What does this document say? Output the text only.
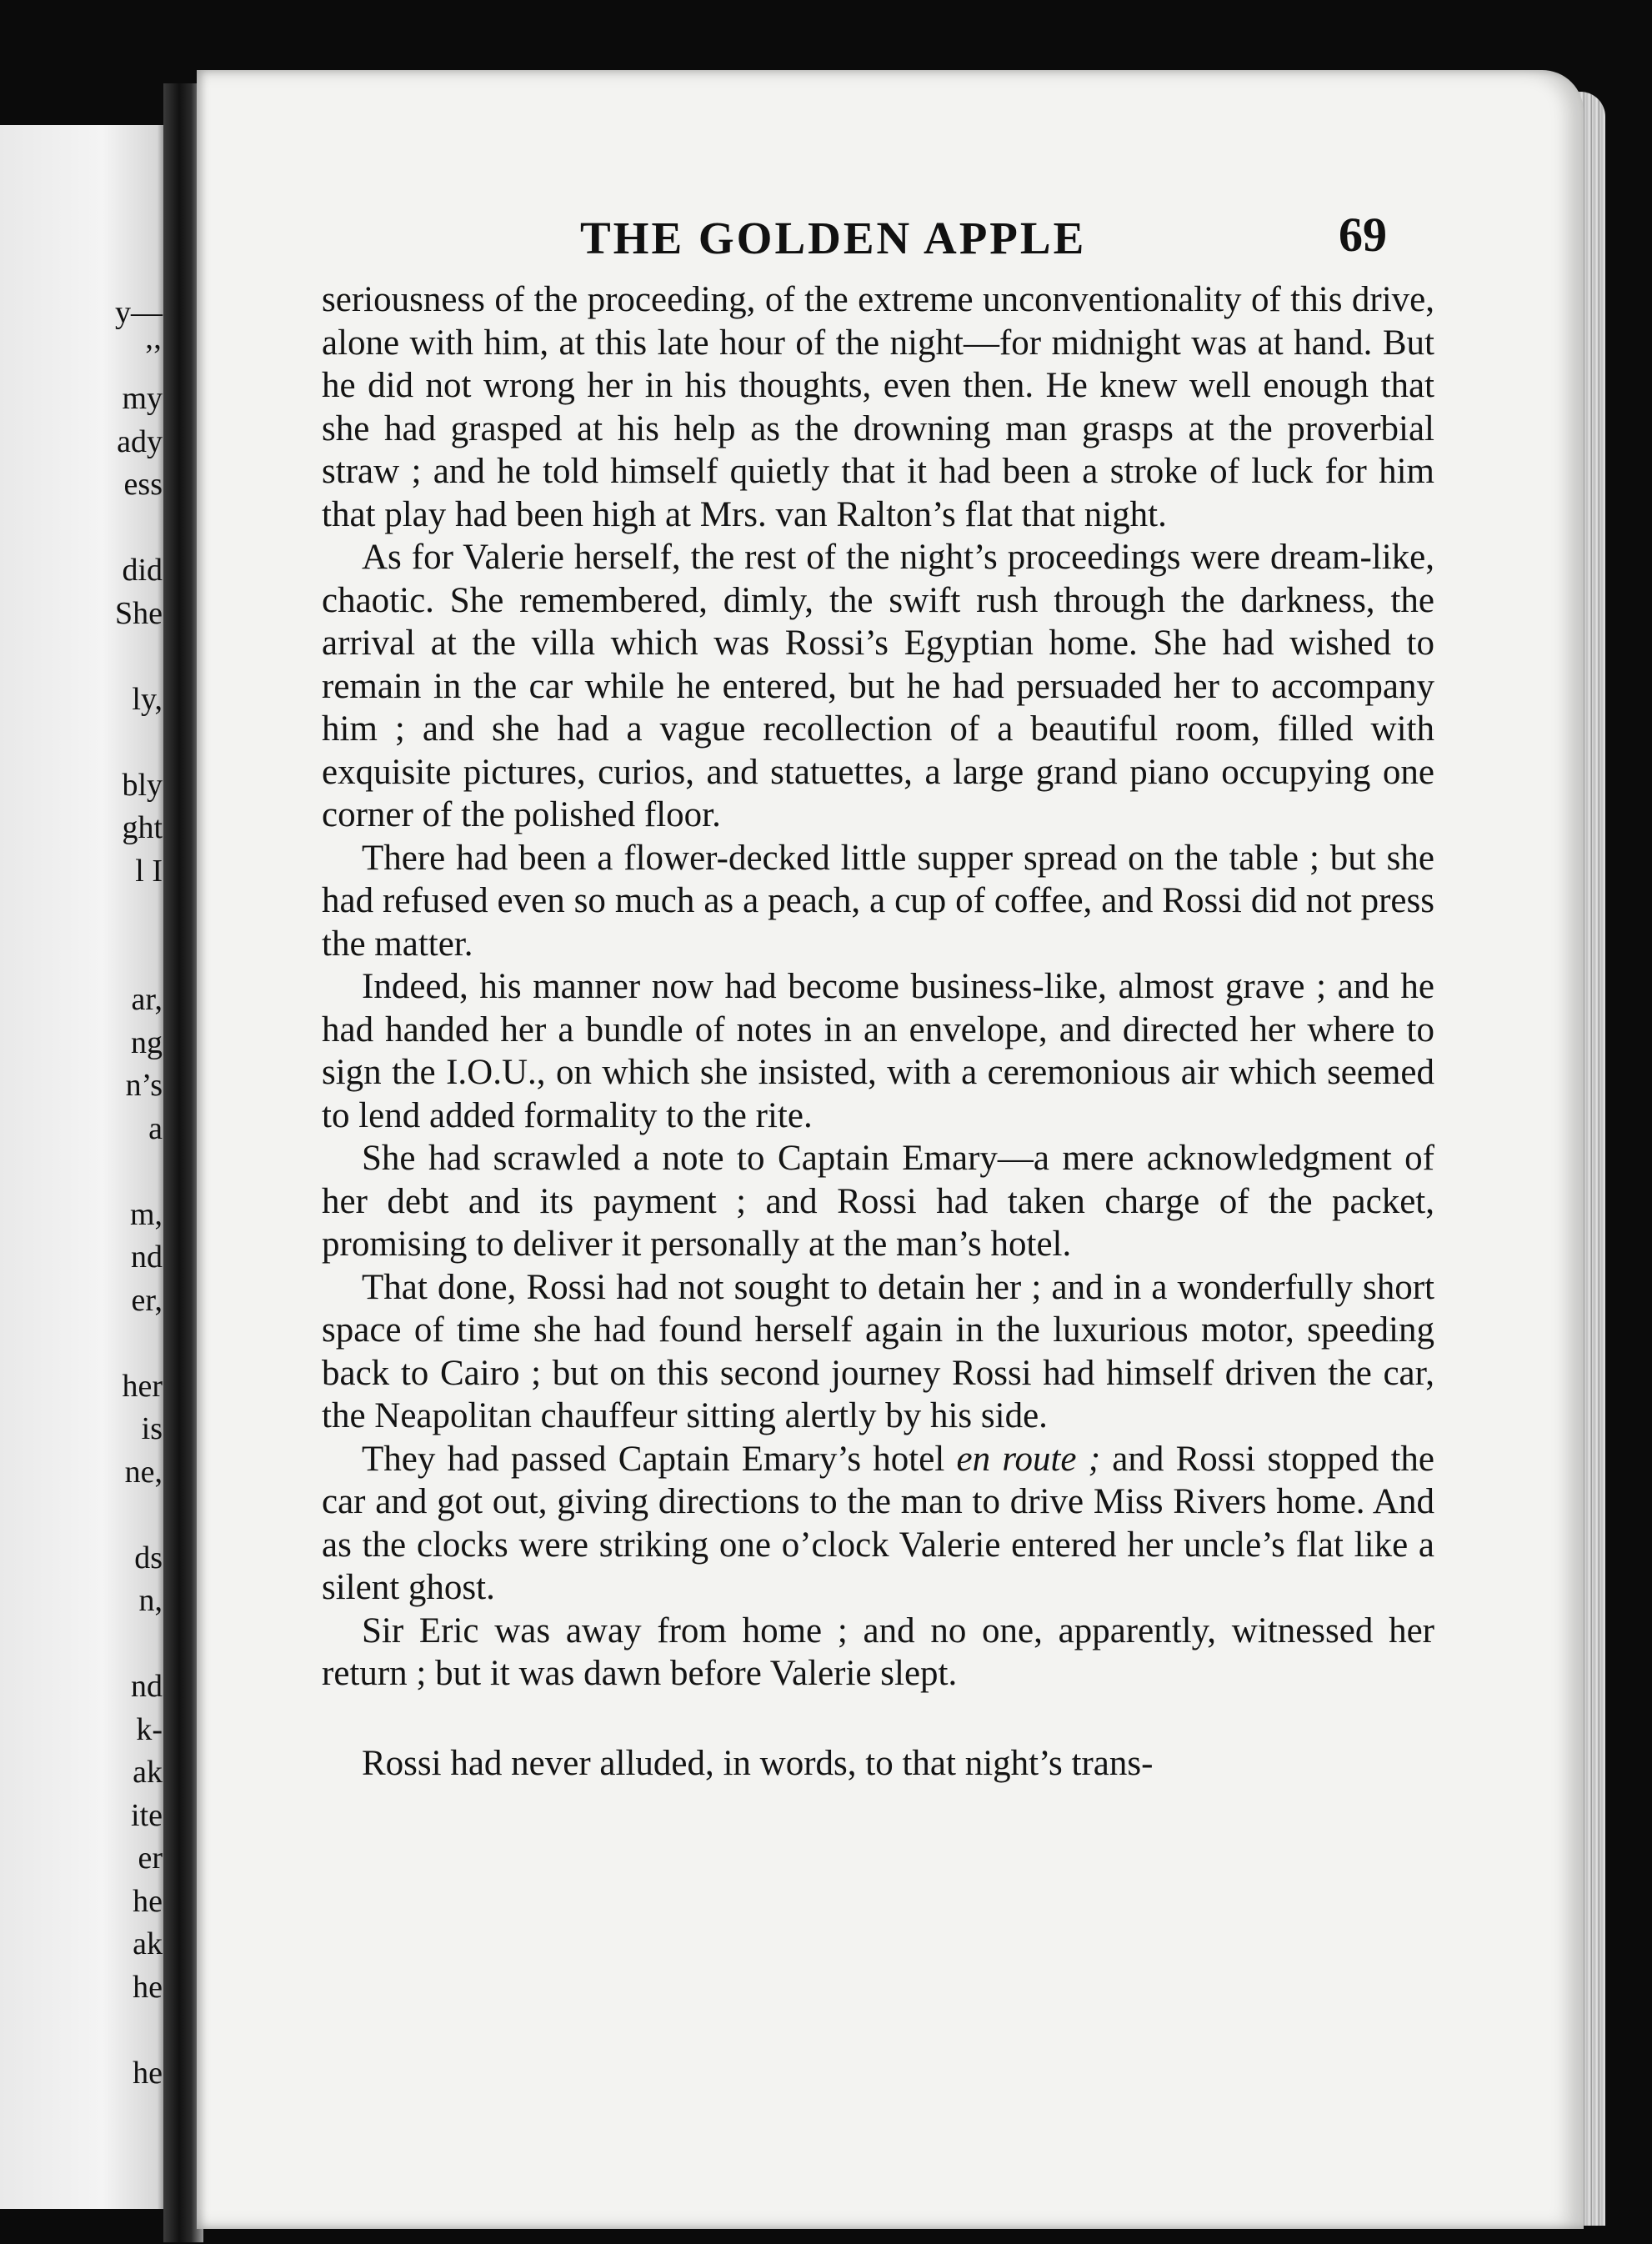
y—
’’
my
ady
ess
did
She
ly,
bly
ght
l I
ar,
ng
n’s
a
m,
nd
er,
her
is
ne,
ds
n,
nd
k-
ak
ite
er
he
ak
he
he
THE GOLDEN APPLE	69

seriousness of the proceeding, of the extreme unconventionality of this drive, alone with him, at this late hour of the night—for midnight was at hand. But he did not wrong her in his thoughts, even then. He knew well enough that she had grasped at his help as the drowning man grasps at the proverbial straw ; and he told himself quietly that it had been a stroke of luck for him that play had been high at Mrs. van Ralton’s flat that night.

As for Valerie herself, the rest of the night’s proceedings were dream-like, chaotic. She remembered, dimly, the swift rush through the darkness, the arrival at the villa which was Rossi’s Egyptian home. She had wished to remain in the car while he entered, but he had persuaded her to accompany him ; and she had a vague recollection of a beautiful room, filled with exquisite pictures, curios, and statuettes, a large grand piano occupying one corner of the polished floor.

There had been a flower-decked little supper spread on the table ; but she had refused even so much as a peach, a cup of coffee, and Rossi did not press the matter.

Indeed, his manner now had become business-like, almost grave ; and he had handed her a bundle of notes in an envelope, and directed her where to sign the I.O.U., on which she insisted, with a ceremonious air which seemed to lend added formality to the rite.

She had scrawled a note to Captain Emary—a mere acknowledgment of her debt and its payment ; and Rossi had taken charge of the packet, promising to deliver it personally at the man’s hotel.

That done, Rossi had not sought to detain her ; and in a wonderfully short space of time she had found herself again in the luxurious motor, speeding back to Cairo ; but on this second journey Rossi had himself driven the car, the Neapolitan chauffeur sitting alertly by his side.

They had passed Captain Emary’s hotel en route ; and Rossi stopped the car and got out, giving directions to the man to drive Miss Rivers home. And as the clocks were striking one o’clock Valerie entered her uncle’s flat like a silent ghost.

Sir Eric was away from home ; and no one, apparently, witnessed her return ; but it was dawn before Valerie slept.

Rossi had never alluded, in words, to that night’s trans-
